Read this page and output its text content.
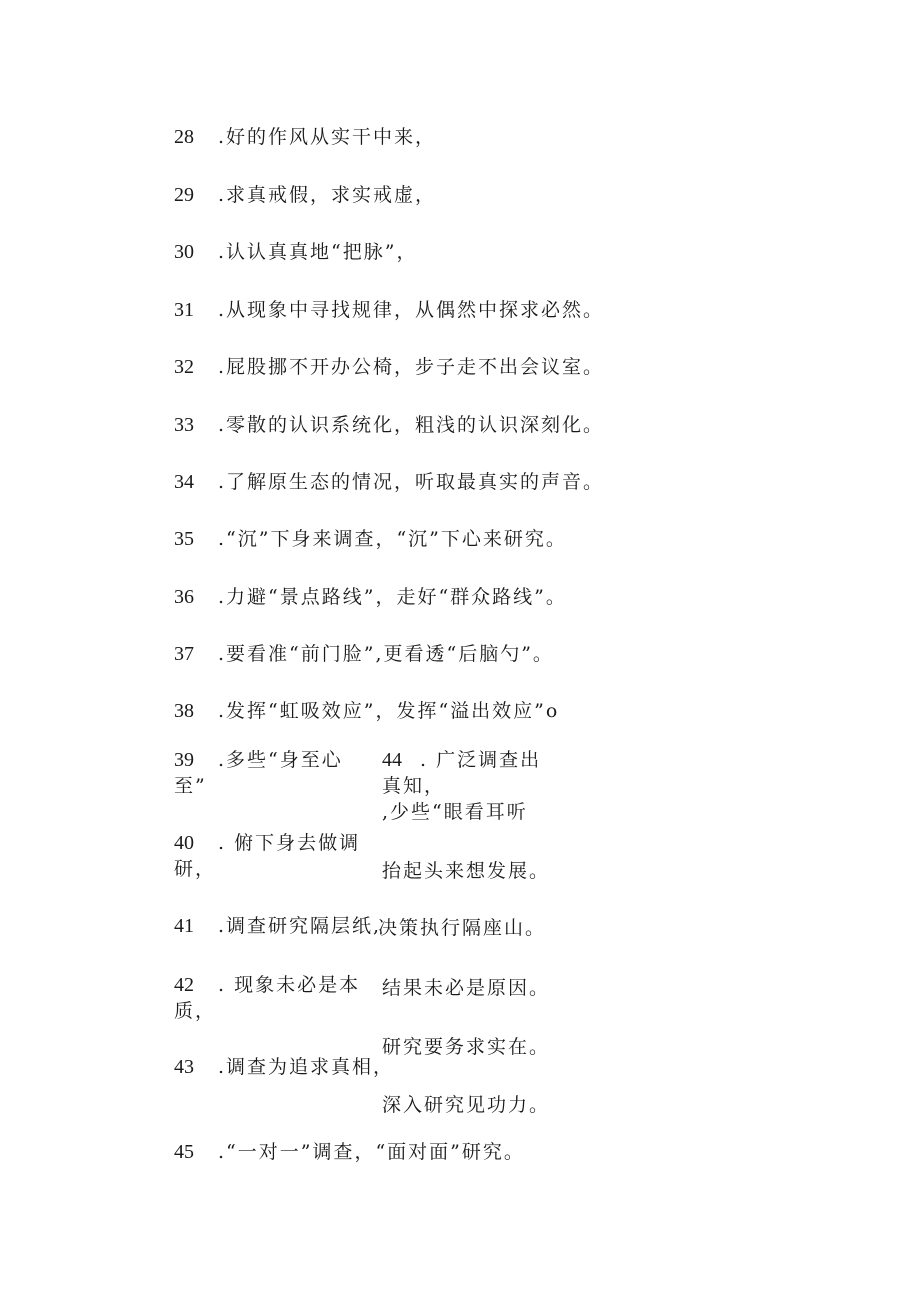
28 .好的作风从实干中来，
29 .求真戒假，求实戒虚，
30 .认认真真地“把脉”，
31 .从现象中寻找规律，从偶然中探求必然。
32 .屁股挪不开办公椅，步子走不出会议室。
33 .零散的认识系统化，粗浅的认识深刻化。
34 .了解原生态的情况，听取最真实的声音。
35 .“沉”下身来调查，“沉”下心来研究。
36 .力避“景点路线”，走好“群众路线”。
37 .要看准“前门脸”,更看透“后脑勺”。
38 .发挥“虹吸效应”，发挥“溢出效应”o
39 .多些“身至心
至”
40 . 俯下身去做调
研，
41 .调查研究隔层纸,
42 . 现象未必是本
质，
43 .调查为追求真相，
44 . 广泛调查出
真知，
,少些“眼看耳听
抬起头来想发展。
决策执行隔座山。
结果未必是原因。
研究要务求实在。
深入研究见功力。
45 .“一对一”调查，“面对面”研究。
